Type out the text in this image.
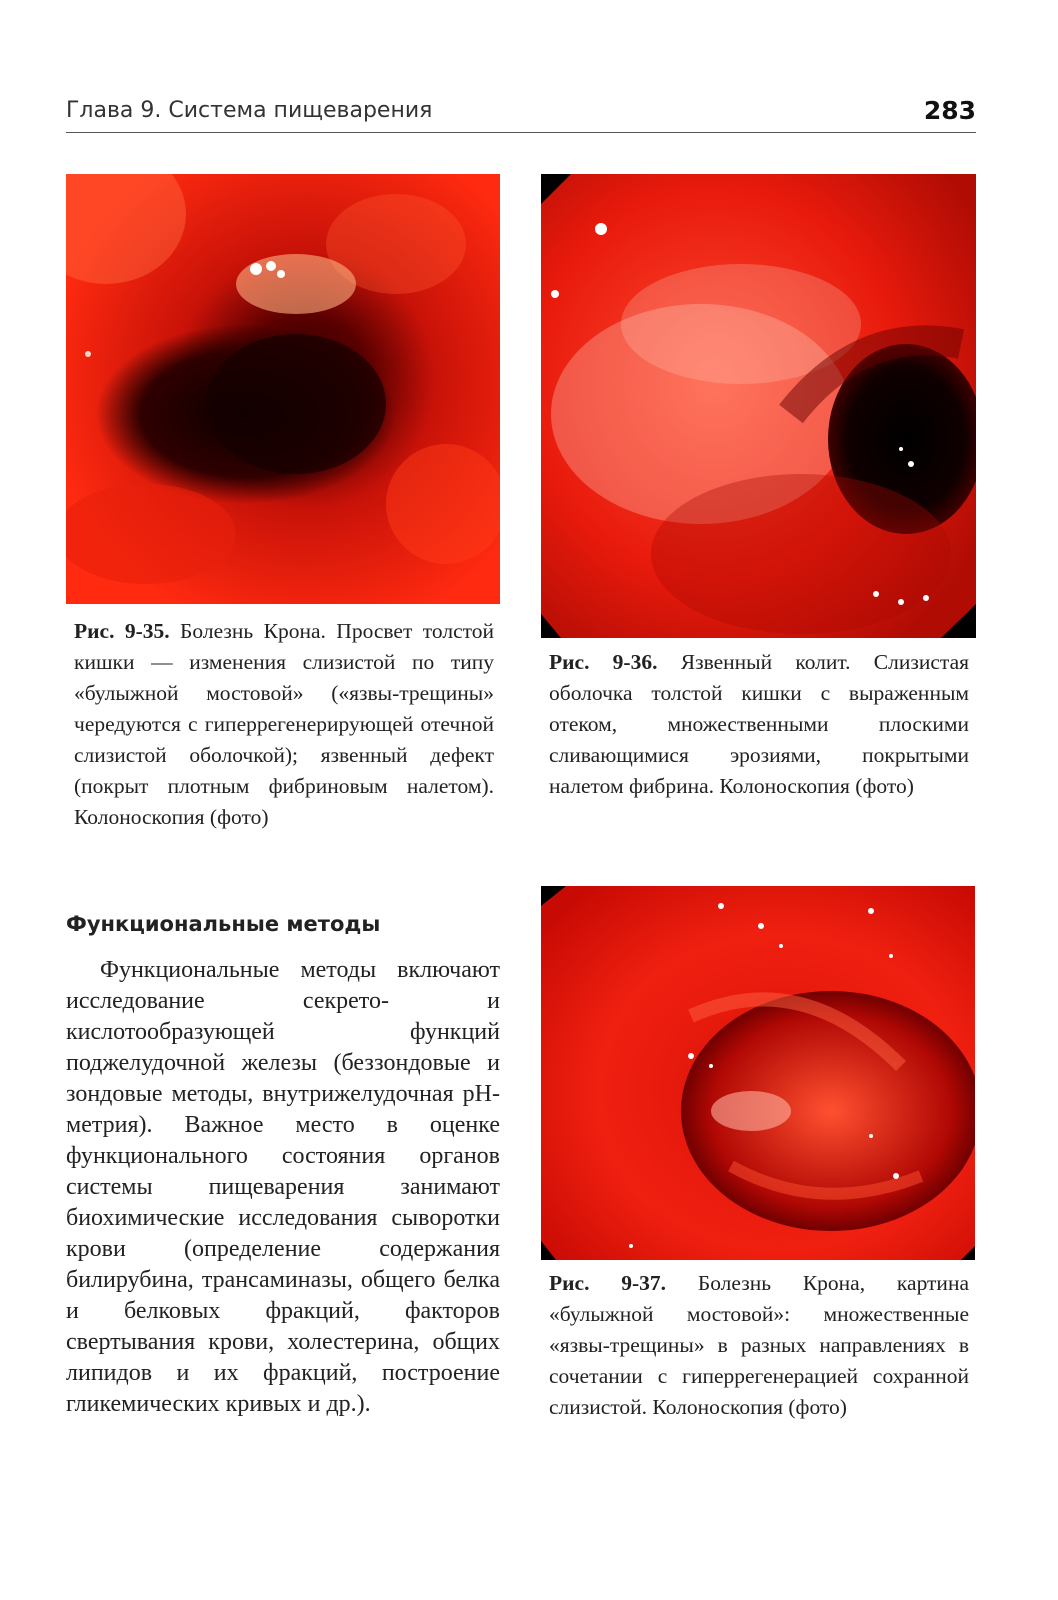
Глава 9. Система пищеварения	283
Рис. 9-35. Болезнь Крона. Просвет толстой кишки — изменения слизистой по типу «булыжной мостовой» («язвы-трещины» чередуются с гиперрегенерирующей отечной слизистой оболочкой); язвенный дефект (покрыт плотным фибриновым налетом). Колоноскопия (фото)
Рис. 9-36. Язвенный колит. Слизистая оболочка толстой кишки с выраженным отеком, множественными плоскими сливающимися эрозиями, покрытыми налетом фибрина. Колоноскопия (фото)
Рис. 9-37. Болезнь Крона, картина «булыжной мостовой»: множественные «язвы-трещины» в разных направлениях в сочетании с гиперрегенерацией сохранной слизистой. Колоноскопия (фото)
Функциональные методы

Функциональные методы включают исследование секрето- и кислотообразующей функций поджелудочной железы (беззондовые и зондовые методы, внутрижелудочная pH-метрия). Важное место в оценке функционального состояния органов системы пищеварения занимают биохимические исследования сыворотки крови (определение содержания билирубина, трансаминазы, общего белка и белковых фракций, факторов свертывания крови, холестерина, общих липидов и их фракций, построение гликемических кривых и др.).
